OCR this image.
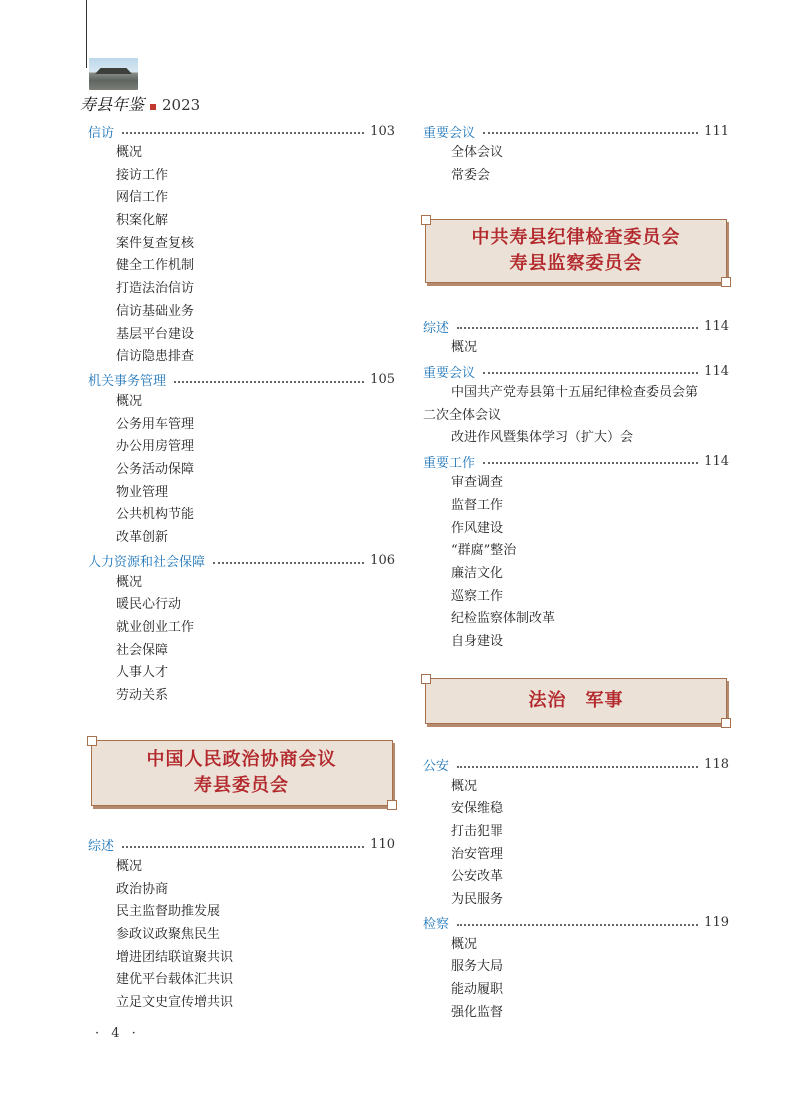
寿县年鉴 2023
信访	103
概况
接访工作
网信工作
积案化解
案件复查复核
健全工作机制
打造法治信访
信访基础业务
基层平台建设
信访隐患排查
机关事务管理	105
概况
公务用车管理
办公用房管理
公务活动保障
物业管理
公共机构节能
改革创新
人力资源和社会保障	106
概况
暖民心行动
就业创业工作
社会保障
人事人才
劳动关系
中国人民政治协商会议
寿县委员会
综述	110
概况
政治协商
民主监督助推发展
参政议政聚焦民生
增进团结联谊聚共识
建优平台载体汇共识
立足文史宣传增共识
重要会议	111
全体会议
常委会
中共寿县纪律检查委员会
寿县监察委员会
综述	114
概况
重要会议	114
中国共产党寿县第十五届纪律检查委员会第
二次全体会议
改进作风暨集体学习（扩大）会
重要工作	114
审查调查
监督工作
作风建设
“群腐”整治
廉洁文化
巡察工作
纪检监察体制改革
自身建设
法治　军事
公安	118
概况
安保维稳
打击犯罪
治安管理
公安改革
为民服务
检察	119
概况
服务大局
能动履职
强化监督
· 4 ·
